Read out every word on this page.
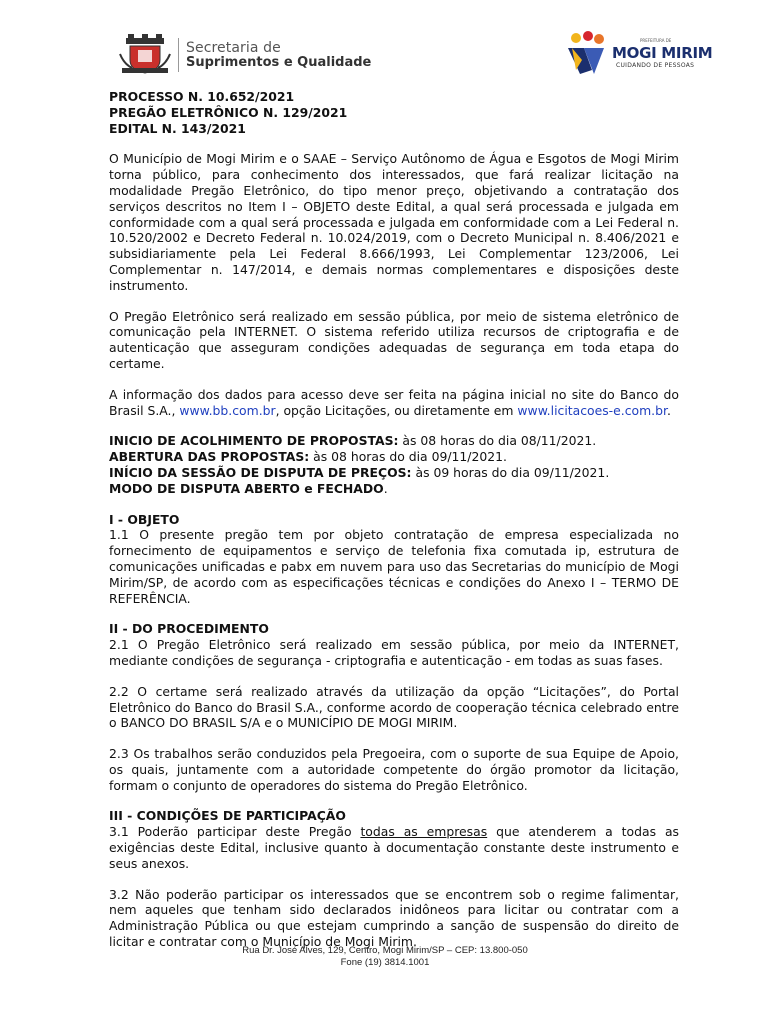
Secretaria de
Suprimentos e Qualidade
PREFEITURA DE
MOGI MIRIM
CUIDANDO DE PESSOAS
PROCESSO N. 10.652/2021
PREGÃO ELETRÔNICO N. 129/2021
EDITAL N. 143/2021

O Município de Mogi Mirim e o SAAE – Serviço Autônomo de Água e Esgotos de Mogi Mirim torna público, para conhecimento dos interessados, que fará realizar licitação na modalidade Pregão Eletrônico, do tipo menor preço, objetivando a contratação dos serviços descritos no Item I – OBJETO deste Edital, a qual será processada e julgada em conformidade com a qual será processada e julgada em conformidade com a Lei Federal n. 10.520/2002 e Decreto Federal n. 10.024/2019, com o Decreto Municipal n. 8.406/2021 e subsidiariamente pela Lei Federal 8.666/1993, Lei Complementar 123/2006, Lei Complementar n. 147/2014, e demais normas complementares e disposições deste instrumento.

O Pregão Eletrônico será realizado em sessão pública, por meio de sistema eletrônico de comunicação pela INTERNET. O sistema referido utiliza recursos de criptografia e de autenticação que asseguram condições adequadas de segurança em toda etapa do certame.

A informação dos dados para acesso deve ser feita na página inicial no site do Banco do Brasil S.A., www.bb.com.br, opção Licitações, ou diretamente em www.licitacoes-e.com.br.

INICIO DE ACOLHIMENTO DE PROPOSTAS: às 08 horas do dia 08/11/2021.
ABERTURA DAS PROPOSTAS: às 08 horas do dia 09/11/2021.
INÍCIO DA SESSÃO DE DISPUTA DE PREÇOS: às 09 horas do dia 09/11/2021.
MODO DE DISPUTA ABERTO e FECHADO.
I - OBJETO

1.1 O presente pregão tem por objeto contratação de empresa especializada no fornecimento de equipamentos e serviço de telefonia fixa comutada ip, estrutura de comunicações unificadas e pabx em nuvem para uso das Secretarias do município de Mogi Mirim/SP, de acordo com as especificações técnicas e condições do Anexo I – TERMO DE REFERÊNCIA.

II - DO PROCEDIMENTO

2.1 O Pregão Eletrônico será realizado em sessão pública, por meio da INTERNET, mediante condições de segurança - criptografia e autenticação - em todas as suas fases.

2.2 O certame será realizado através da utilização da opção “Licitações”, do Portal Eletrônico do Banco do Brasil S.A., conforme acordo de cooperação técnica celebrado entre o BANCO DO BRASIL S/A e o MUNICÍPIO DE MOGI MIRIM.

2.3 Os trabalhos serão conduzidos pela Pregoeira, com o suporte de sua Equipe de Apoio, os quais, juntamente com a autoridade competente do órgão promotor da licitação, formam o conjunto de operadores do sistema do Pregão Eletrônico.

III - CONDIÇÕES DE PARTICIPAÇÃO

3.1 Poderão participar deste Pregão todas as empresas que atenderem a todas as exigências deste Edital, inclusive quanto à documentação constante deste instrumento e seus anexos.

3.2 Não poderão participar os interessados que se encontrem sob o regime falimentar, nem aqueles que tenham sido declarados inidôneos para licitar ou contratar com a Administração Pública ou que estejam cumprindo a sanção de suspensão do direito de licitar e contratar com o Município de Mogi Mirim.

Rua Dr. José Alves, 129, Centro, Mogi Mirim/SP – CEP: 13.800-050
Fone (19) 3814.1001
